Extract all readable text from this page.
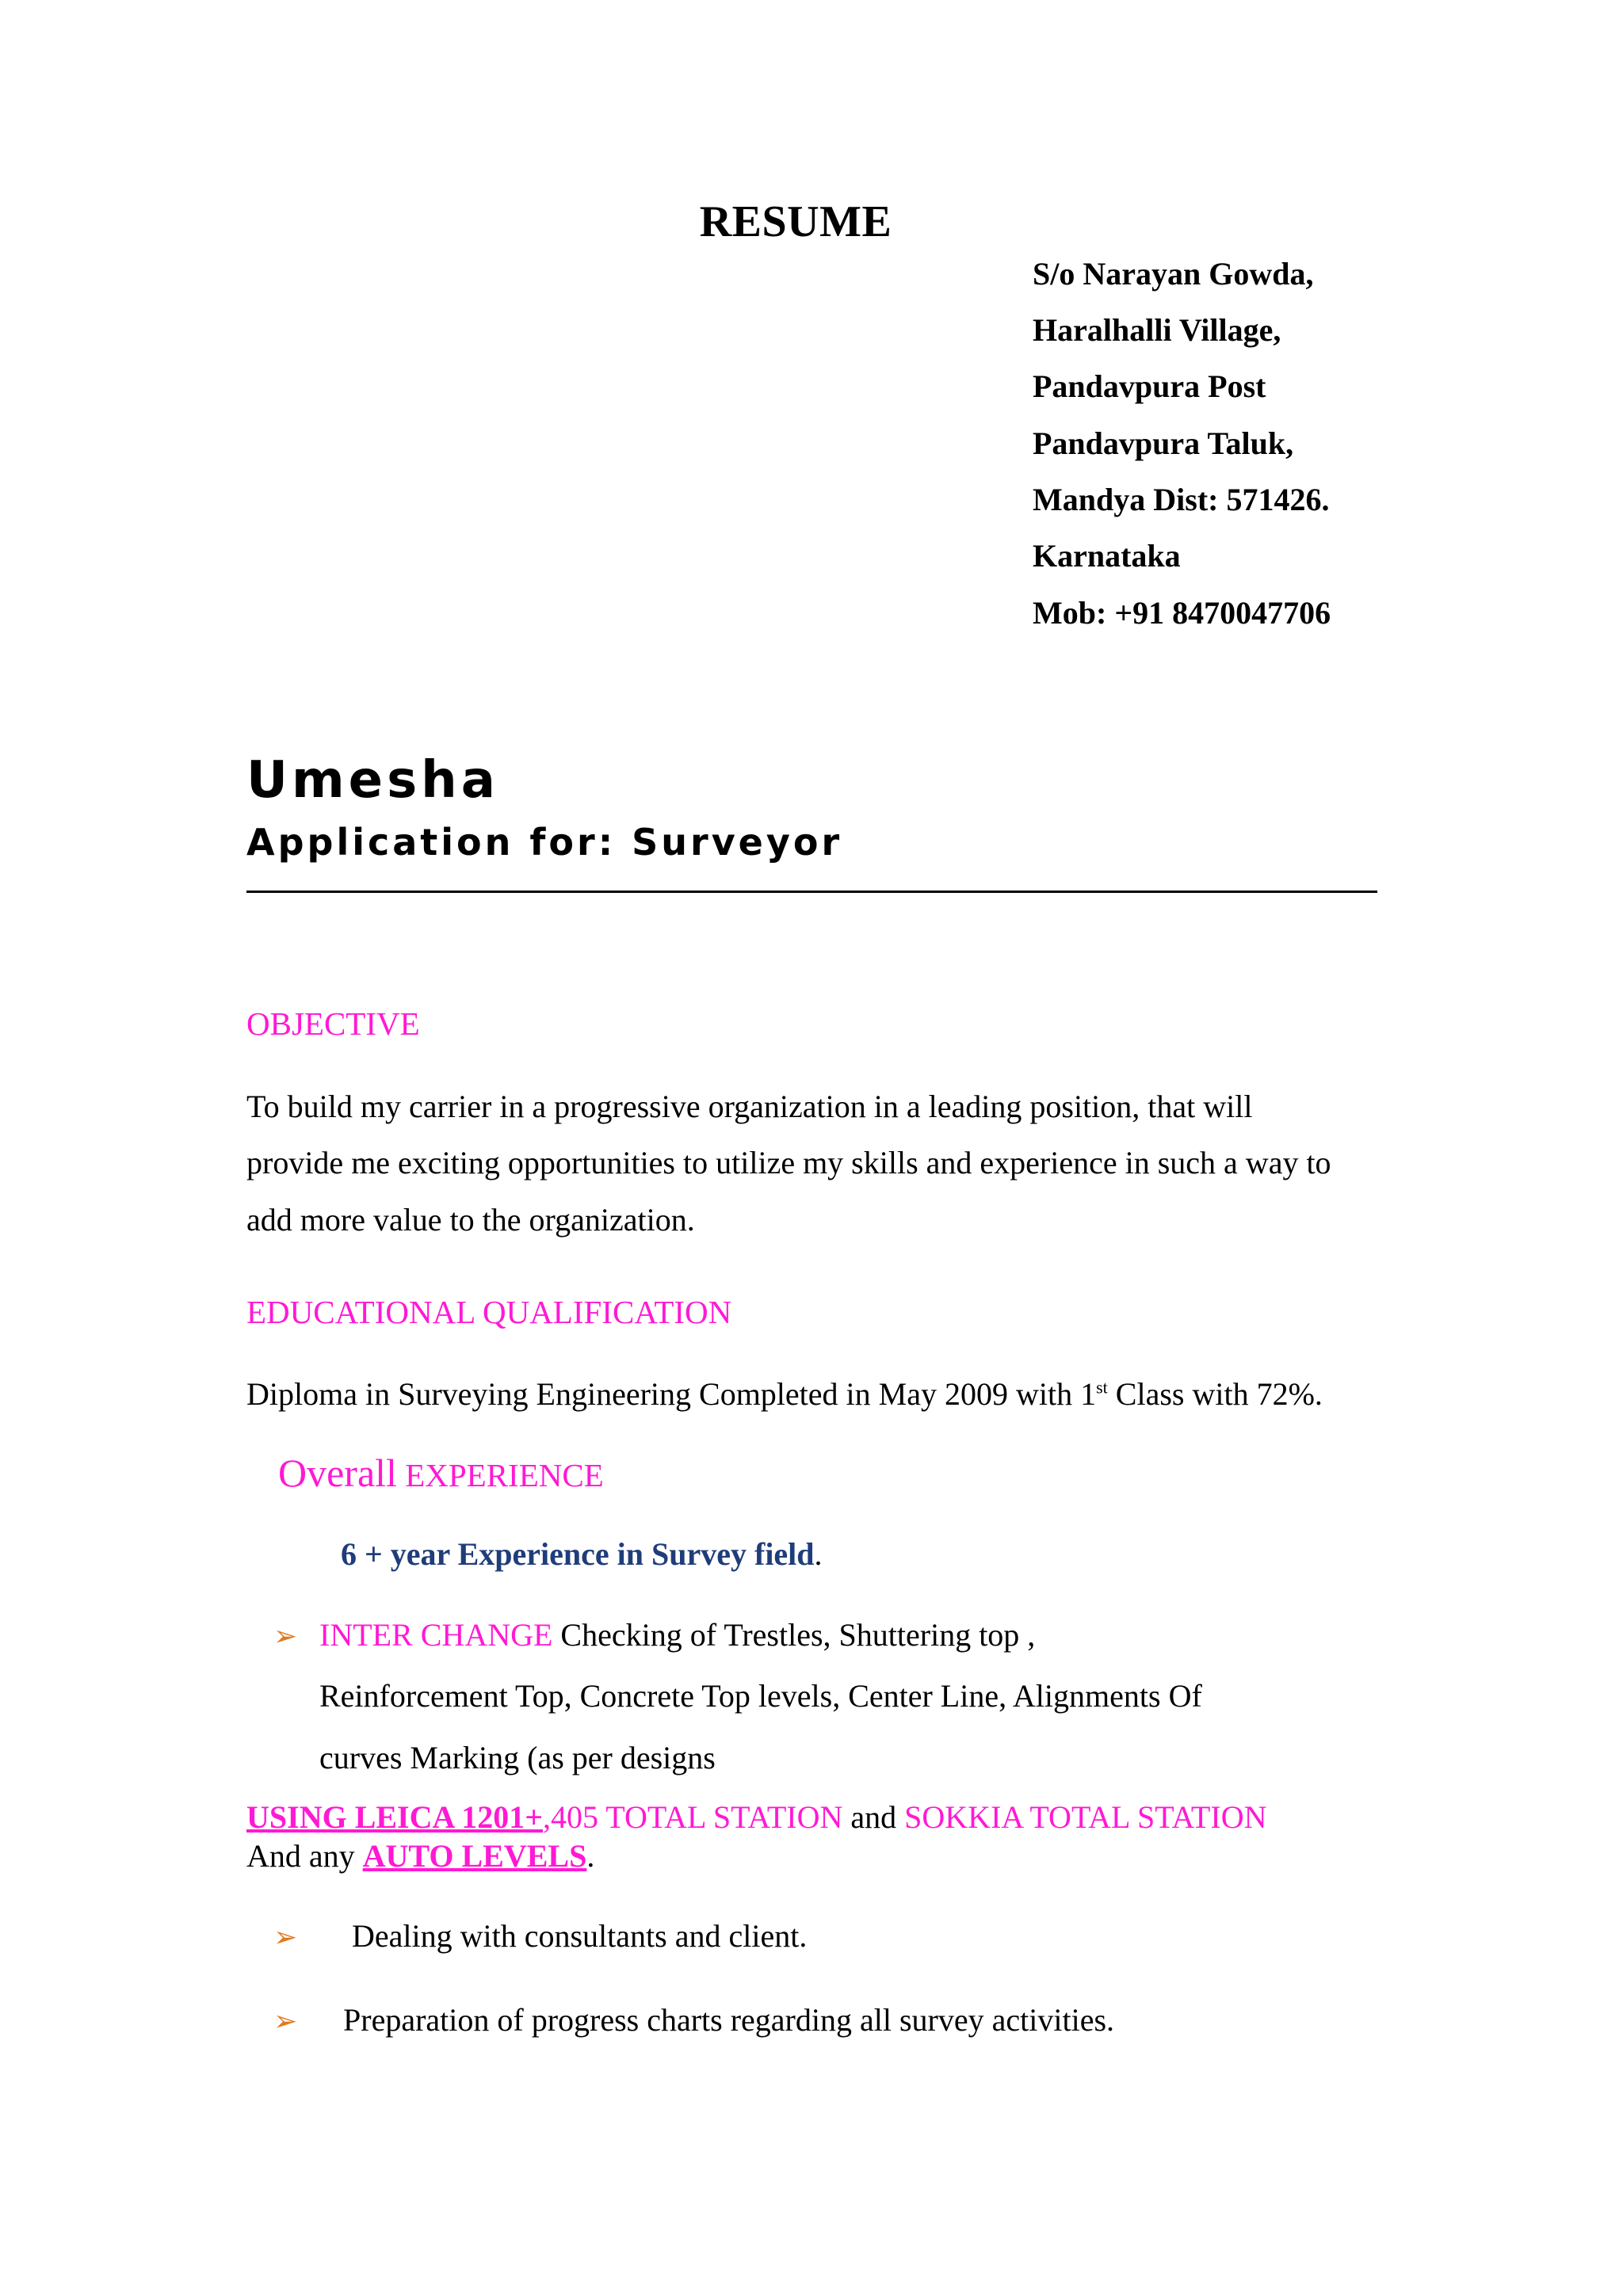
RESUME
S/o Narayan Gowda,
Haralhalli Village,
Pandavpura Post
Pandavpura Taluk,
Mandya Dist: 571426.
Karnataka
Mob: +91 8470047706
Umesha
Application for: Surveyor
OBJECTIVE
To build my carrier in a progressive organization in a leading position, that will
provide me exciting opportunities to utilize my skills and experience in such a way to
add more value to the organization.
EDUCATIONAL QUALIFICATION
Diploma in Surveying Engineering Completed in May 2009 with 1st Class with 72%.
Overall EXPERIENCE
6 + year Experience in Survey field.
➢ INTER CHANGE Checking of Trestles, Shuttering top ,
Reinforcement Top, Concrete Top levels, Center Line, Alignments Of
curves Marking (as per designs
USING LEICA 1201+,405 TOTAL STATION and SOKKIA TOTAL STATION
And any AUTO LEVELS.
➢ Dealing with consultants and client.
➢ Preparation of progress charts regarding all survey activities.
